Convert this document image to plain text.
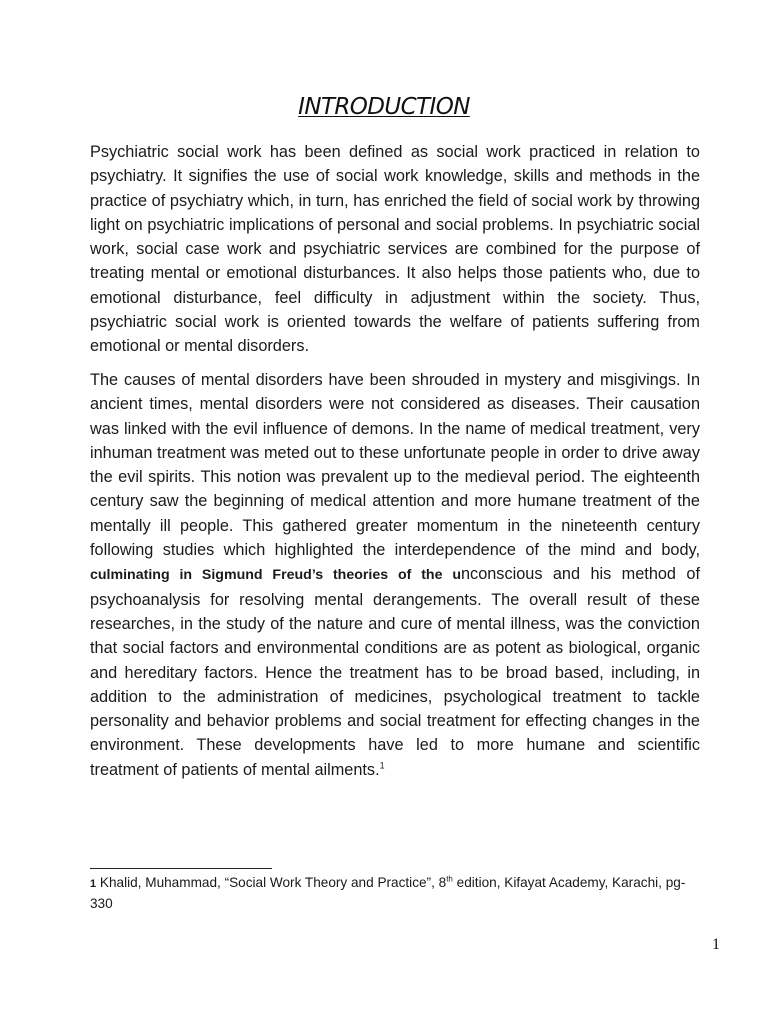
INTRODUCTION

Psychiatric social work has been defined as social work practiced in relation to psychiatry. It signifies the use of social work knowledge, skills and methods in the practice of psychiatry which, in turn, has enriched the field of social work by throwing light on psychiatric implications of personal and social problems. In psychiatric social work, social case work and psychiatric services are combined for the purpose of treating mental or emotional disturbances. It also helps those patients who, due to emotional disturbance, feel difficulty in adjustment within the society. Thus, psychiatric social work is oriented towards the welfare of patients suffering from emotional or mental disorders.

The causes of mental disorders have been shrouded in mystery and misgivings. In ancient times, mental disorders were not considered as diseases. Their causation was linked with the evil influence of demons. In the name of medical treatment, very inhuman treatment was meted out to these unfortunate people in order to drive away the evil spirits. This notion was prevalent up to the medieval period. The eighteenth century saw the beginning of medical attention and more humane treatment of the mentally ill people. This gathered greater momentum in the nineteenth century following studies which highlighted the interdependence of the mind and body, culminating in Sigmund Freud’s theories of the unconscious and his method of psychoanalysis for resolving mental derangements. The overall result of these researches, in the study of the nature and cure of mental illness, was the conviction that social factors and environmental conditions are as potent as biological, organic and hereditary factors. Hence the treatment has to be broad based, including, in addition to the administration of medicines, psychological treatment to tackle personality and behavior problems and social treatment for effecting changes in the environment. These developments have led to more humane and scientific treatment of patients of mental ailments.$^1$

1 Khalid, Muhammad, “Social Work Theory and Practice”, 8th edition, Kifayat Academy, Karachi, pg-330
1
